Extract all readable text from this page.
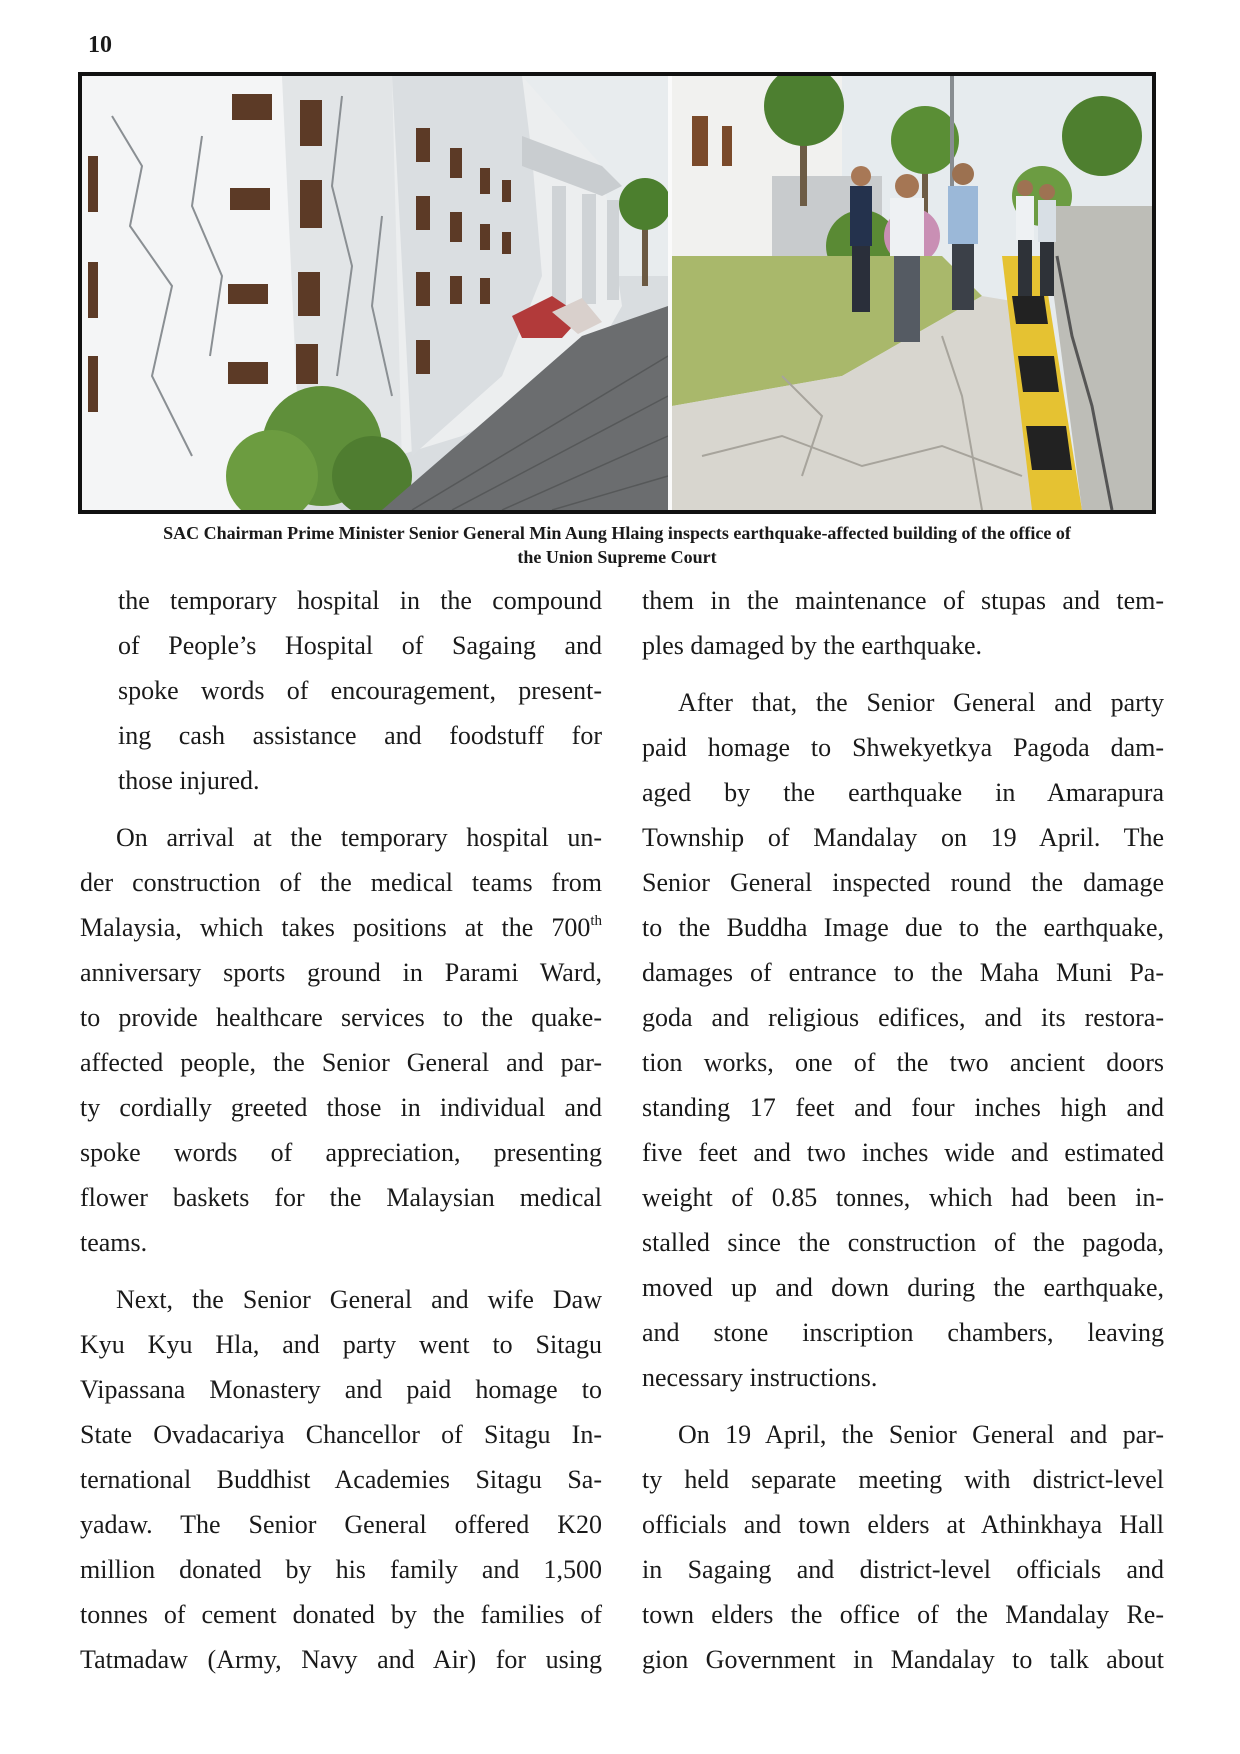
10
SAC Chairman Prime Minister Senior General Min Aung Hlaing inspects earthquake-affected building of the office of
the Union Supreme Court
the temporary hospital in the compound
of People’s Hospital of Sagaing and
spoke words of encouragement, present-
ing cash assistance and foodstuff for
those injured.
On arrival at the temporary hospital un-
der construction of the medical teams from
Malaysia, which takes positions at the 700th
anniversary sports ground in Parami Ward,
to provide healthcare services to the quake-
affected people, the Senior General and par-
ty cordially greeted those in individual and
spoke words of appreciation, presenting
flower baskets for the Malaysian medical
teams.
Next, the Senior General and wife Daw
Kyu Kyu Hla, and party went to Sitagu
Vipassana Monastery and paid homage to
State Ovadacariya Chancellor of Sitagu In-
ternational Buddhist Academies Sitagu Sa-
yadaw. The Senior General offered K20
million donated by his family and 1,500
tonnes of cement donated by the families of
Tatmadaw (Army, Navy and Air) for using
them in the maintenance of stupas and tem-
ples damaged by the earthquake.
After that, the Senior General and party
paid homage to Shwekyetkya Pagoda dam-
aged by the earthquake in Amarapura
Township of Mandalay on 19 April. The
Senior General inspected round the damage
to the Buddha Image due to the earthquake,
damages of entrance to the Maha Muni Pa-
goda and religious edifices, and its restora-
tion works, one of the two ancient doors
standing 17 feet and four inches high and
five feet and two inches wide and estimated
weight of 0.85 tonnes, which had been in-
stalled since the construction of the pagoda,
moved up and down during the earthquake,
and stone inscription chambers, leaving
necessary instructions.
On 19 April, the Senior General and par-
ty held separate meeting with district-level
officials and town elders at Athinkhaya Hall
in Sagaing and district-level officials and
town elders the office of the Mandalay Re-
gion Government in Mandalay to talk about
